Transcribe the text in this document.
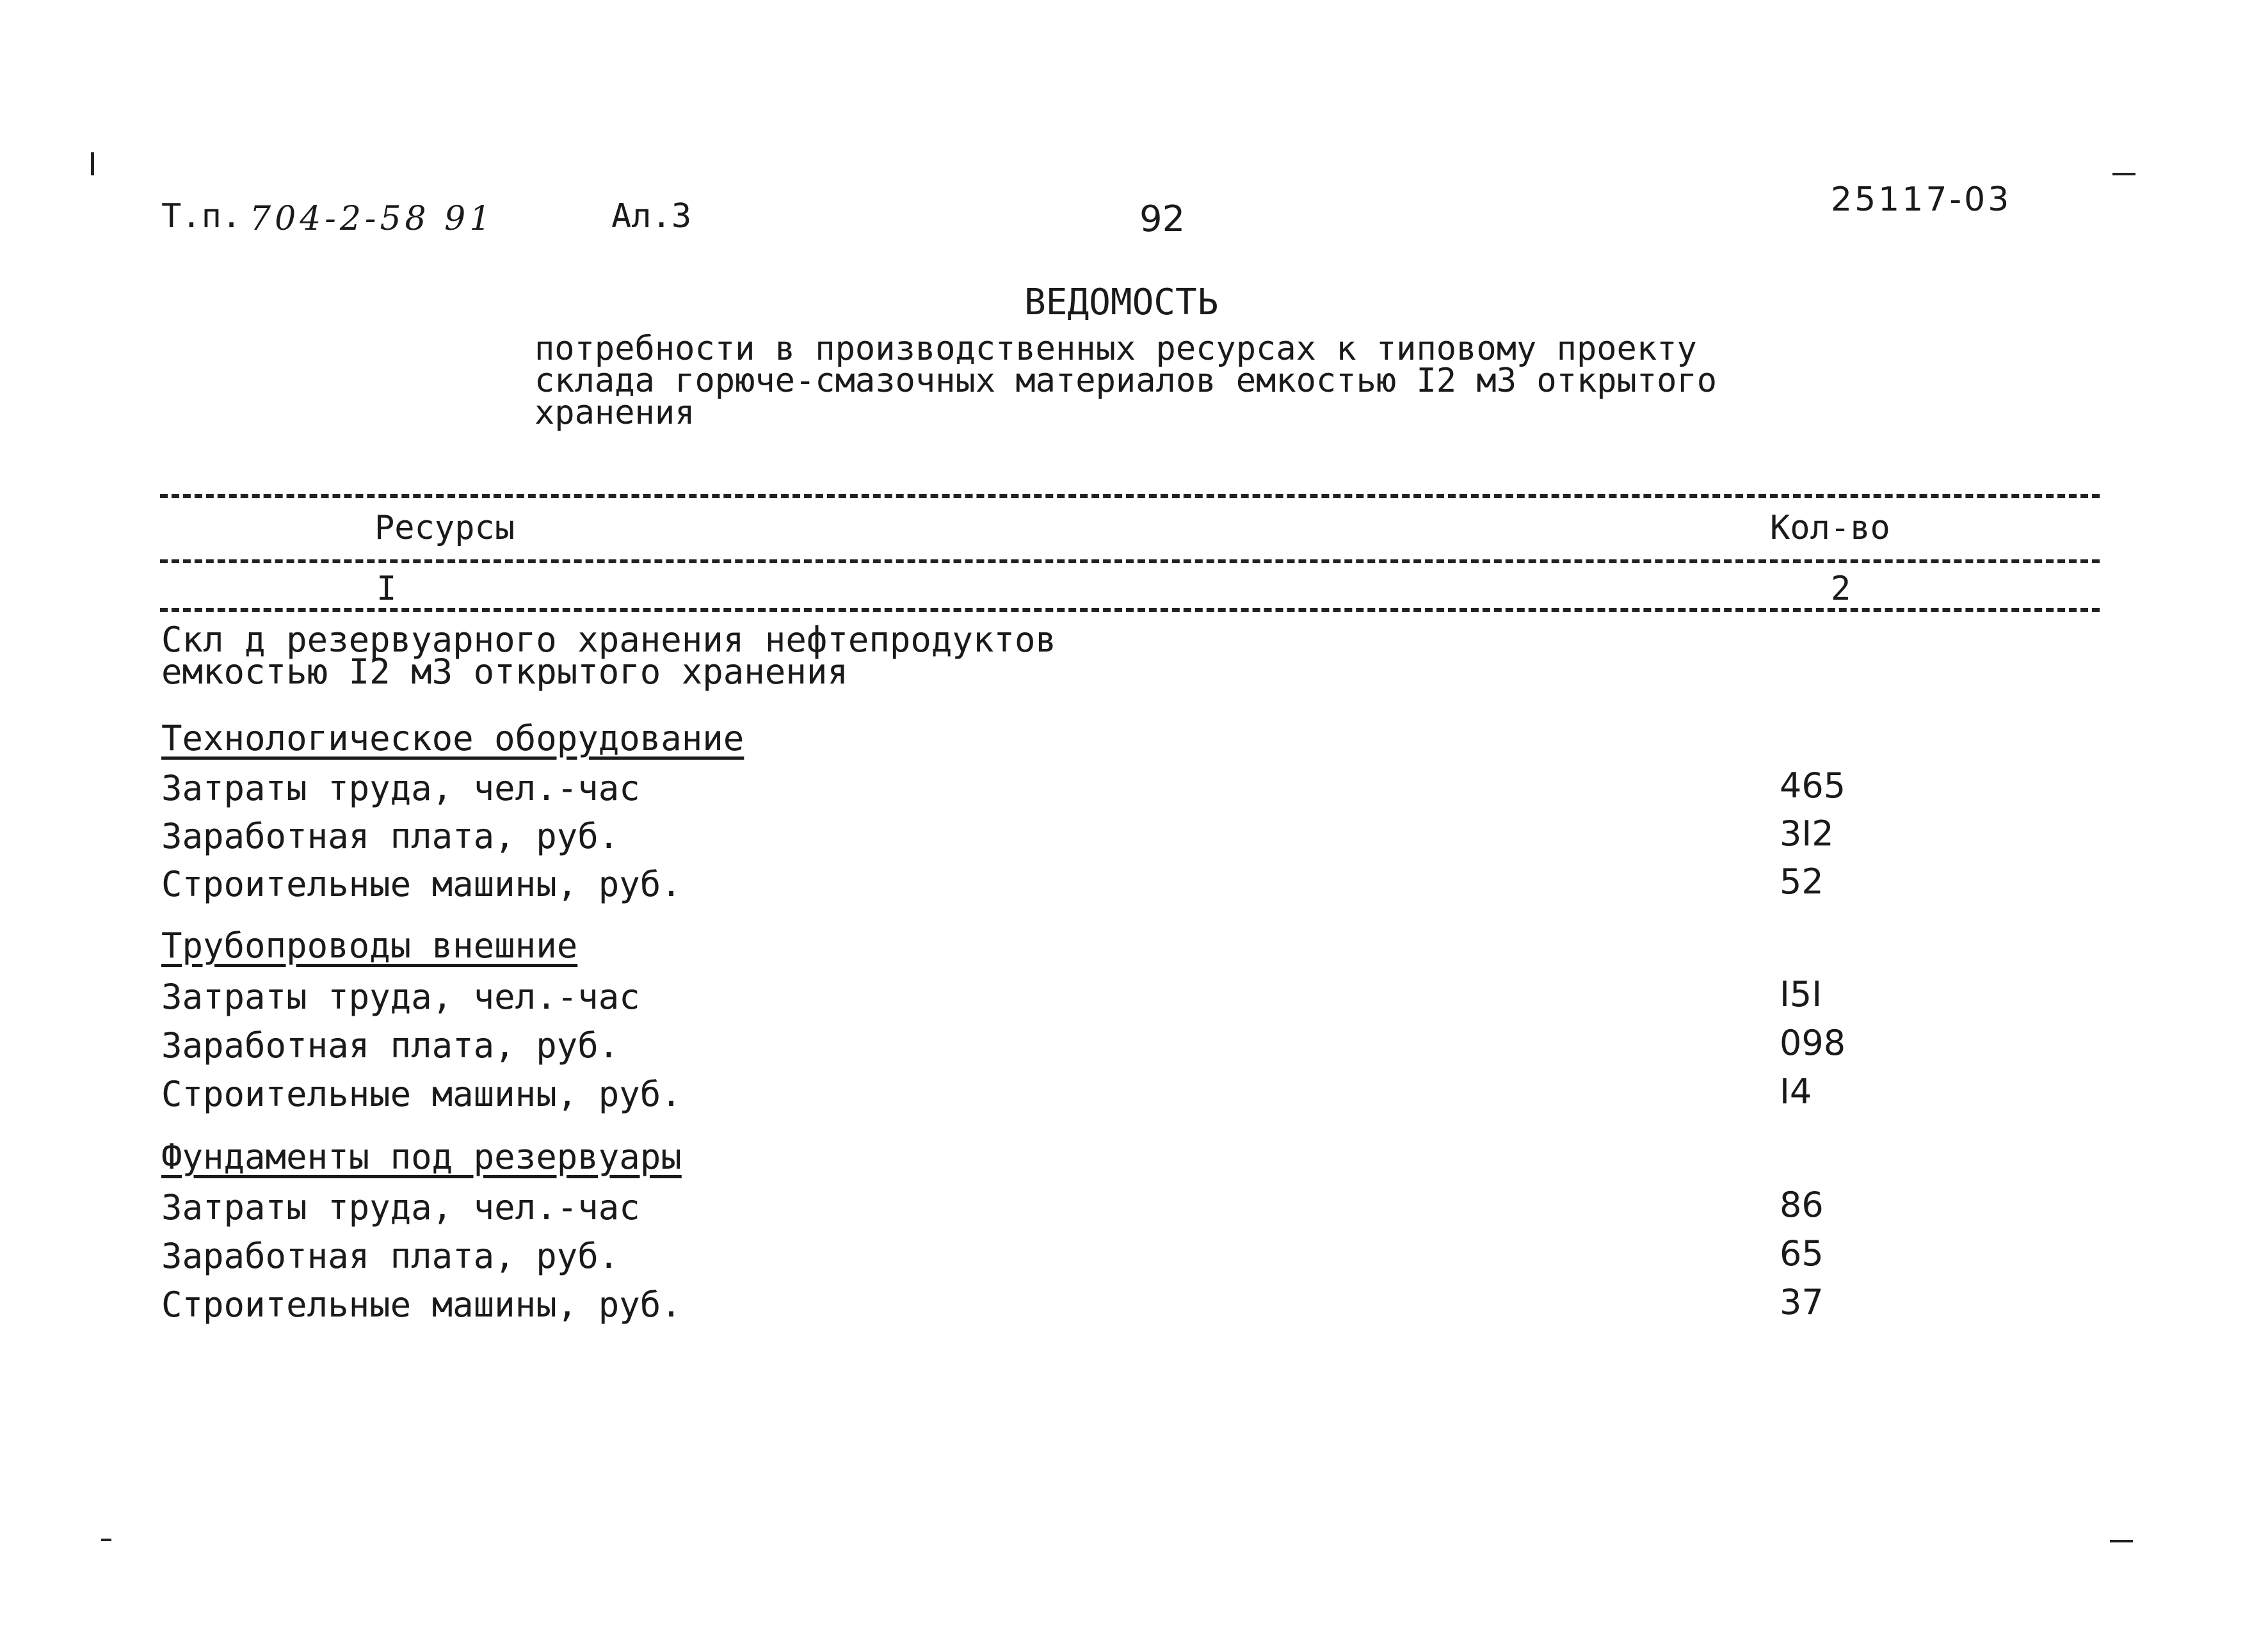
Т.п. 704-2-58 91	Ал.3	92	25117-03
ВЕДОМОСТЬ
потребности в производственных ресурсах к типовому проекту
склада горюче-смазочных материалов емкостью I2 м3 открытого
хранения
Ресурсы	Кол-во
I	2
Скл д резервуарного хранения нефтепродуктов
емкостью I2 м3 открытого хранения
Технологическое оборудование
Затраты труда, чел.-час	465
Заработная плата, руб.	3I2
Строительные машины, руб.	52
Трубопроводы внешние
Затраты труда, чел.-час	I5I
Заработная плата, руб.	098
Строительные машины, руб.	I4
Фундаменты под резервуары
Затраты труда, чел.-час	86
Заработная плата, руб.	65
Строительные машины, руб.	37
